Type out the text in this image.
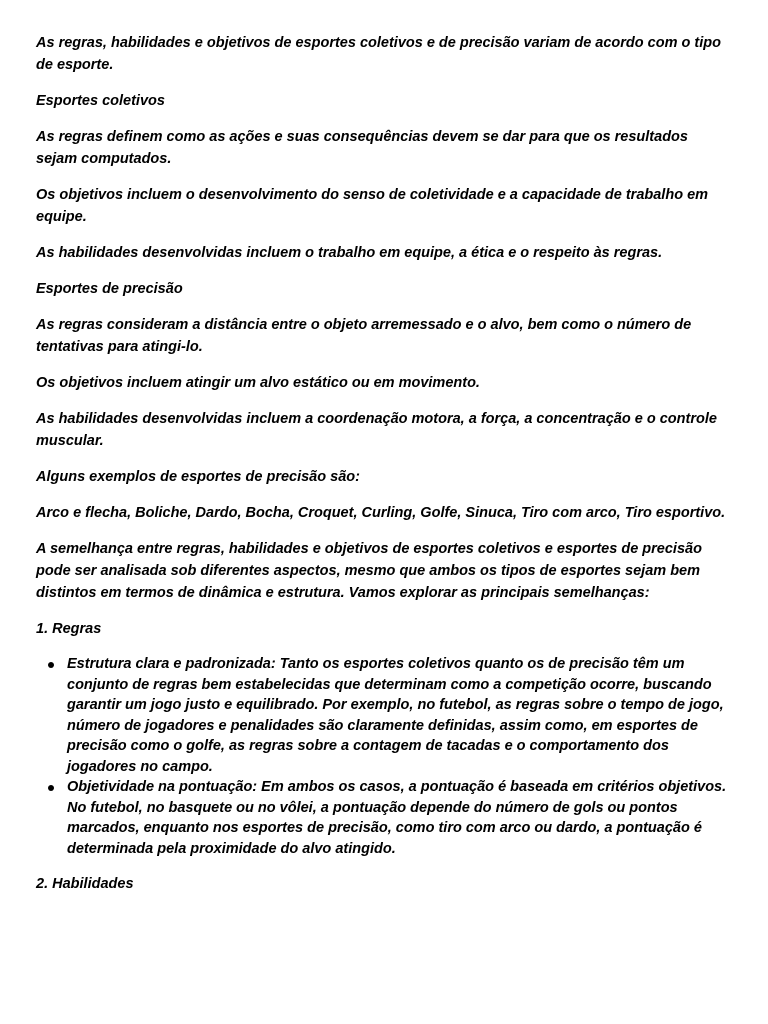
As regras, habilidades e objetivos de esportes coletivos e de precisão variam de acordo com o tipo de esporte.

Esportes coletivos

As regras definem como as ações e suas consequências devem se dar para que os resultados sejam computados.

Os objetivos incluem o desenvolvimento do senso de coletividade e a capacidade de trabalho em equipe.

As habilidades desenvolvidas incluem o trabalho em equipe, a ética e o respeito às regras.

Esportes de precisão

As regras consideram a distância entre o objeto arremessado e o alvo, bem como o número de tentativas para atingi-lo.

Os objetivos incluem atingir um alvo estático ou em movimento.

As habilidades desenvolvidas incluem a coordenação motora, a força, a concentração e o controle muscular.

Alguns exemplos de esportes de precisão são:

Arco e flecha, Boliche, Dardo, Bocha, Croquet, Curling, Golfe, Sinuca, Tiro com arco, Tiro esportivo.

A semelhança entre regras, habilidades e objetivos de esportes coletivos e esportes de precisão pode ser analisada sob diferentes aspectos, mesmo que ambos os tipos de esportes sejam bem distintos em termos de dinâmica e estrutura. Vamos explorar as principais semelhanças:

1. Regras

Estrutura clara e padronizada: Tanto os esportes coletivos quanto os de precisão têm um conjunto de regras bem estabelecidas que determinam como a competição ocorre, buscando garantir um jogo justo e equilibrado. Por exemplo, no futebol, as regras sobre o tempo de jogo, número de jogadores e penalidades são claramente definidas, assim como, em esportes de precisão como o golfe, as regras sobre a contagem de tacadas e o comportamento dos jogadores no campo.
Objetividade na pontuação: Em ambos os casos, a pontuação é baseada em critérios objetivos. No futebol, no basquete ou no vôlei, a pontuação depende do número de gols ou pontos marcados, enquanto nos esportes de precisão, como tiro com arco ou dardo, a pontuação é determinada pela proximidade do alvo atingido.

2. Habilidades
